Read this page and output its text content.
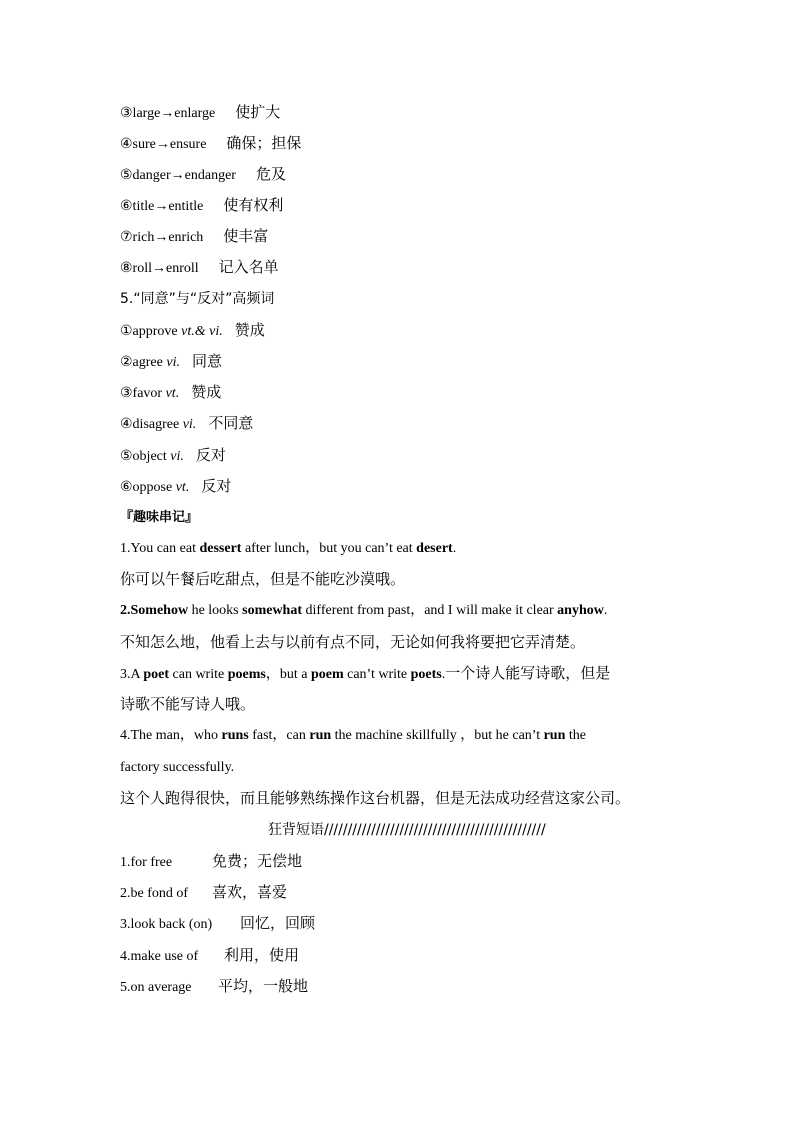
③large→enlarge 使扩大
④sure→ensure 确保；担保
⑤danger→endanger 危及
⑥title→entitle 使有权利
⑦rich→enrich 使丰富
⑧roll→enroll 记入名单
5.“同意”与“反对”高频词
①approve vt.& vi. 赞成
②agree vi. 同意
③favor vt. 赞成
④disagree vi. 不同意
⑤object vi. 反对
⑥oppose vt. 反对
『趣味串记』
1.You can eat dessert after lunch，but you can’t eat desert.
你可以午餐后吃甜点，但是不能吃沙漠哦。
2.Somehow he looks somewhat different from past，and I will make it clear anyhow.
不知怎么地，他看上去与以前有点不同，无论如何我将要把它弄清楚。
3.A poet can write poems，but a poem can’t write poets.一个诗人能写诗歌，但是
诗歌不能写诗人哦。
4.The man，who runs fast，can run the machine skillfully ，but he can’t run the
factory successfully.
这个人跑得很快，而且能够熟练操作这台机器，但是无法成功经营这家公司。
狂背短语///////////////////////////////////////////////
1.for free	免费；无偿地
2.be fond of 喜欢，喜爱
3.look back (on) 回忆，回顾
4.make use of 利用，使用
5.on average 平均，一般地
